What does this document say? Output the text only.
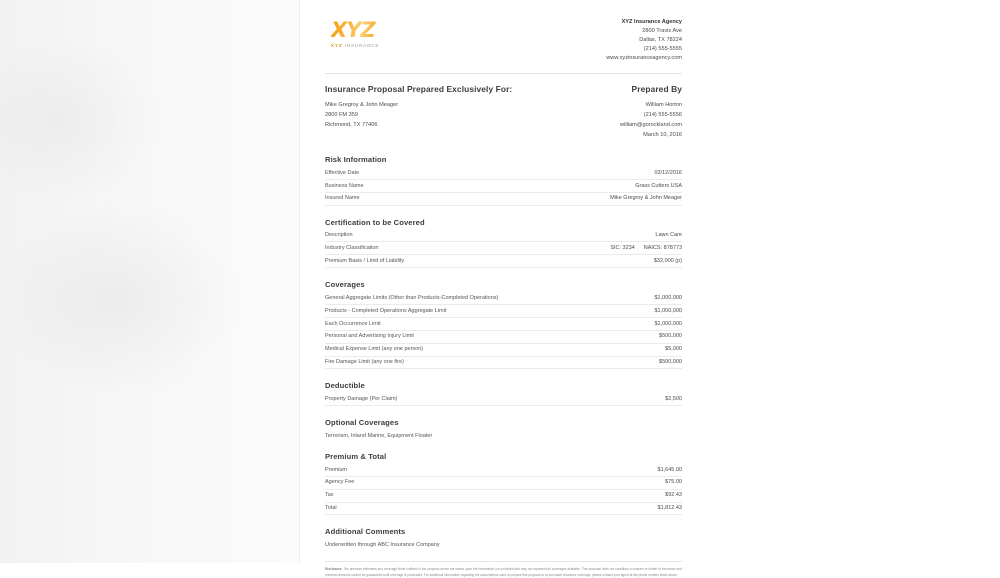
XYZ
XYZ INSURANCE
XYZ Insurance Agency
2800 Travis Ave
Dallas, TX 78224
(214) 555-5555
www.xyzinsuranceagency.com
Insurance Proposal Prepared Exclusively For:	Prepared By
Mike Gregroy & John Meager
2800 FM 359
Richmond, TX 77406
William Horton
(214) 555-5556
william@gorockland.com
March 10, 2016
Risk Information
Effective Date	03/12/2016
Business Name	Grass Cutters USA
Insured Name	Mike Gregroy & John Meager
Certification to be Covered
Description	Lawn Care
Industry Classification	SIC: 3234 NAICS: 878773
Premium Basis / Limit of Liability	$32,000 (p)
Coverages
General Aggregate Limits (Other than Products-Completed Operations)	$1,000,000
Products - Completed Operations Aggregate Limit	$1,000,000
Each Occurrence Limit	$1,000,000
Personal and Advertising Injury Limit	$500,000
Medical Expense Limit (any one person)	$5,000
Fire Damage Limit (any one fire)	$500,000
Deductible
Property Damage (Per Claim)	$2,500
Optional Coverages
Terrorism, Inland Marine, Equipment Floater
Premium & Total
Premium	$1,645.00
Agency Fee	$75.00
Tax	$92.43
Total	$1,812.43
Additional Comments
Underwritten through ABC Insurance Company
Disclosure: The premium estimates and coverage limits outlined in the proposal above are based upon the information you provided and may not represent all coverages available. This proposal does not constitute a contract or binder of insurance and premium amounts cannot be guaranteed until coverage is purchased. For additional information regarding the assumptions used to prepare this proposal or to purchase insurance coverage, please contact your agent at the phone number listed above.
